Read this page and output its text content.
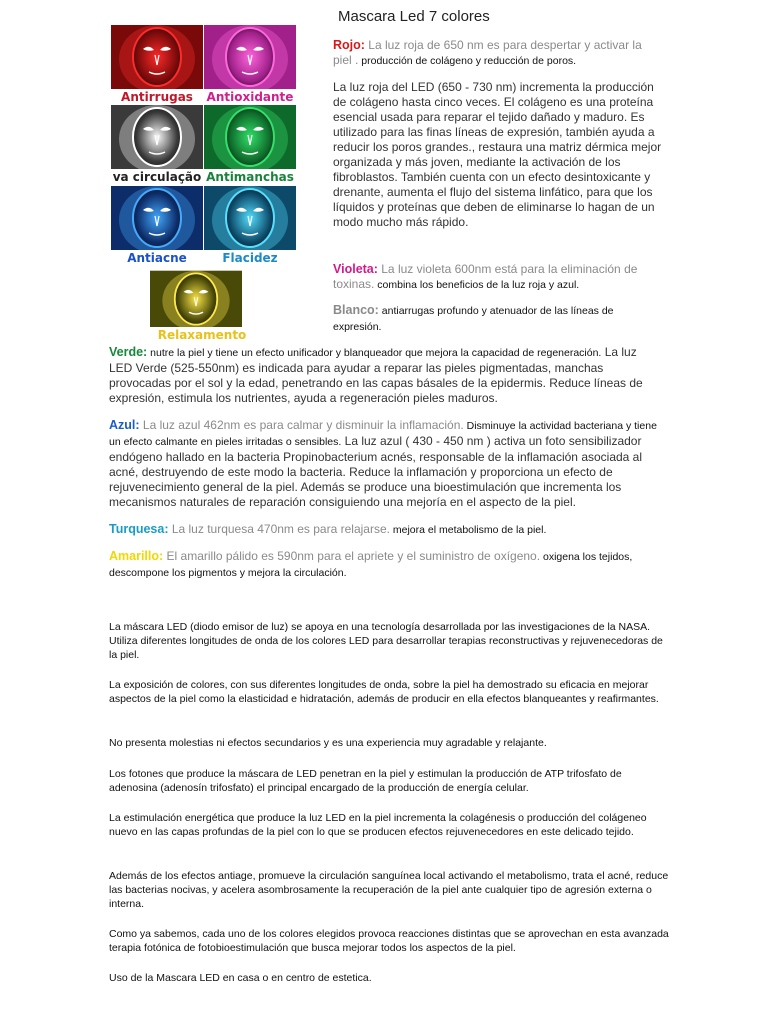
Mascara Led 7 colores
Antirrugas	Antioxidante
va circulação Antimanchas
Antiacne	Flacidez
Relaxamento
Rojo: La luz roja de 650 nm es para despertar y activar la piel . producción de colágeno y reducción de poros.
La luz roja del LED (650 - 730 nm) incrementa la producción de colágeno hasta cinco veces. El colágeno es una proteína esencial usada para reparar el tejido dañado y maduro. Es utilizado para las finas líneas de expresión, también ayuda a reducir los poros grandes., restaura una matriz dérmica mejor organizada y más joven, mediante la activación de los fibroblastos. También cuenta con un efecto desintoxicante y drenante, aumenta el flujo del sistema linfático, para que los líquidos y proteínas que deben de eliminarse lo hagan de un modo mucho más rápido.
Violeta: La luz violeta 600nm está para la eliminación de toxinas. combina los beneficios de la luz roja y azul.
Blanco: antiarrugas profundo y atenuador de las líneas de expresión.
Verde: nutre la piel y tiene un efecto unificador y blanqueador que mejora la capacidad de regeneración. La luz LED Verde (525-550nm) es indicada para ayudar a reparar las pieles pigmentadas, manchas provocadas por el sol y la edad, penetrando en las capas básales de la epidermis. Reduce líneas de expresión, estimula los nutrientes, ayuda a regeneración pieles maduros.
Azul: La luz azul 462nm es para calmar y disminuir la inflamación. Disminuye la actividad bacteriana y tiene un efecto calmante en pieles irritadas o sensibles. La luz azul ( 430 - 450 nm ) activa un foto sensibilizador endógeno hallado en la bacteria Propinobacterium acnés, responsable de la inflamación asociada al acné, destruyendo de este modo la bacteria. Reduce la inflamación y proporciona un efecto de rejuvenecimiento general de la piel. Además se produce una bioestimulación que incrementa los mecanismos naturales de reparación consiguiendo una mejoría en el aspecto de la piel.
Turquesa: La luz turquesa 470nm es para relajarse. mejora el metabolismo de la piel.
Amarillo: El amarillo pálido es 590nm para el apriete y el suministro de oxígeno. oxigena los tejidos, descompone los pigmentos y mejora la circulación.
La máscara LED (diodo emisor de luz) se apoya en una tecnología desarrollada por las investigaciones de la NASA. Utiliza diferentes longitudes de onda de los colores LED para desarrollar terapias reconstructivas y rejuvenecedoras de la piel.
La exposición de colores, con sus diferentes longitudes de onda, sobre la piel ha demostrado su eficacia en mejorar aspectos de la piel como la elasticidad e hidratación, además de producir en ella efectos blanqueantes y reafirmantes.
No presenta molestias ni efectos secundarios y es una experiencia muy agradable y relajante.
Los fotones que produce la máscara de LED penetran en la piel y estimulan la producción de ATP trifosfato de adenosina (adenosín trifosfato) el principal encargado de la producción de energía celular.
La estimulación energética que produce la luz LED en la piel incrementa la colagénesis o producción del colágeneo nuevo en las capas profundas de la piel con lo que se producen efectos rejuvenecedores en este delicado tejido.
Además de los efectos antiage, promueve la circulación sanguínea local activando el metabolismo, trata el acné, reduce las bacterias nocivas, y acelera asombrosamente la recuperación de la piel ante cualquier tipo de agresión externa o interna.
Como ya sabemos, cada uno de los colores elegidos provoca reacciones distintas que se aprovechan en esta avanzada terapia fotónica de fotobioestimulación que busca mejorar todos los aspectos de la piel.
Uso de la Mascara LED en casa o en centro de estetica.
